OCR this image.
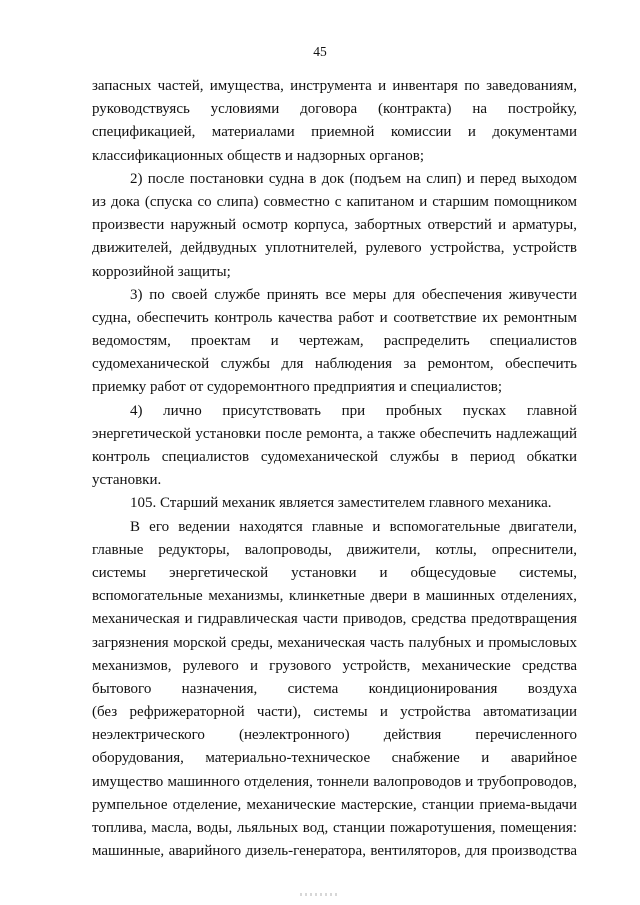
45
запасных частей, имущества, инструмента и инвентаря по заведованиям,
руководствуясь условиями договора (контракта) на постройку,
спецификацией, материалами приемной комиссии и документами
классификационных обществ и надзорных органов;
2) после постановки судна в док (подъем на слип) и перед выходом
из дока (спуска со слипа) совместно с капитаном и старшим помощником
произвести наружный осмотр корпуса, забортных отверстий и арматуры,
движителей, дейдвудных уплотнителей, рулевого устройства, устройств
коррозийной защиты;
3) по своей службе принять все меры для обеспечения живучести
судна, обеспечить контроль качества работ и соответствие их ремонтным
ведомостям, проектам и чертежам, распределить специалистов
судомеханической службы для наблюдения за ремонтом, обеспечить
приемку работ от судоремонтного предприятия и специалистов;
4) лично присутствовать при пробных пусках главной
энергетической установки после ремонта, а также обеспечить надлежащий
контроль специалистов судомеханической службы в период обкатки
установки.
105. Старший механик является заместителем главного механика.
В его ведении находятся главные и вспомогательные двигатели,
главные редукторы, валопроводы, движители, котлы, опреснители,
системы энергетической установки и общесудовые системы,
вспомогательные механизмы, клинкетные двери в машинных отделениях,
механическая и гидравлическая части приводов, средства предотвращения
загрязнения морской среды, механическая часть палубных и промысловых
механизмов, рулевого и грузового устройств, механические средства
бытового назначения, система кондиционирования воздуха
(без рефрижераторной части), системы и устройства автоматизации
неэлектрического (неэлектронного) действия перечисленного
оборудования, материально-техническое снабжение и аварийное
имущество машинного отделения, тоннели валопроводов и трубопроводов,
румпельное отделение, механические мастерские, станции приема-выдачи
топлива, масла, воды, льяльных вод, станции пожаротушения, помещения:
машинные, аварийного дизель-генератора, вентиляторов, для производства
